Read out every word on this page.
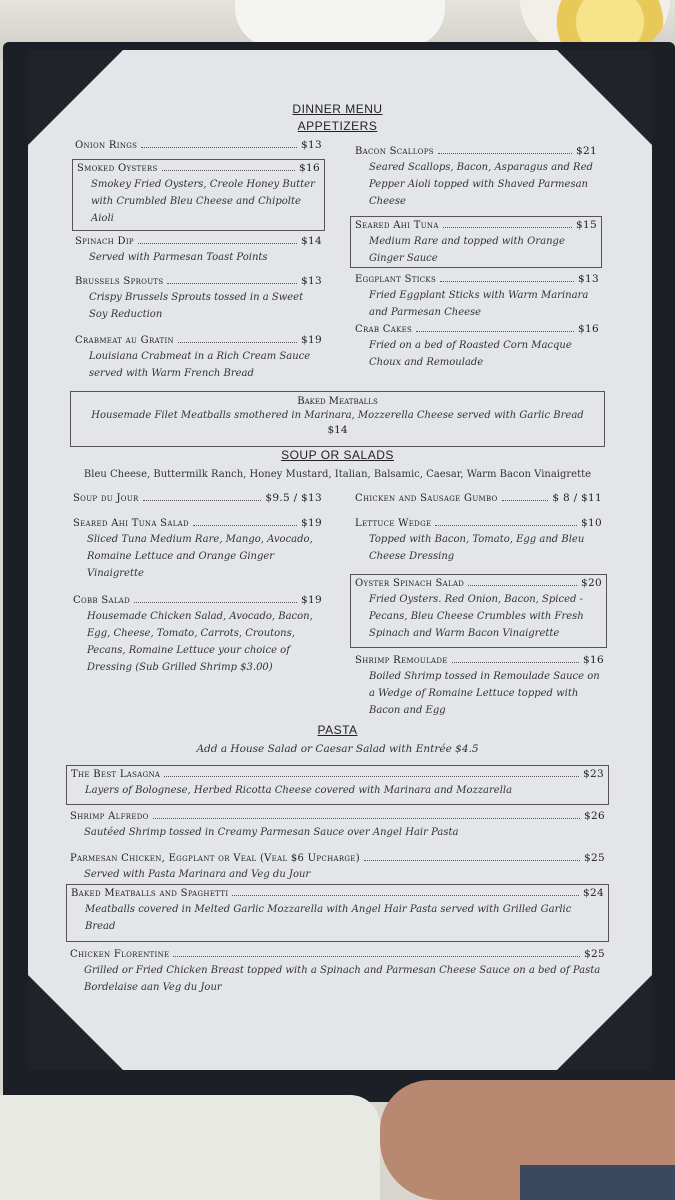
DINNER MENU
APPETIZERS
Onion Rings	$13
Smoked Oysters	$16
Smokey Fried Oysters, Creole Honey Butter with Crumbled Bleu Cheese and Chipolte Aioli
Spinach Dip	$14
Served with Parmesan Toast Points
Brussels Sprouts	$13
Crispy Brussels Sprouts tossed in a Sweet Soy Reduction
Crabmeat au Gratin	$19
Louisiana Crabmeat in a Rich Cream Sauce served with Warm French Bread
Bacon Scallops	$21
Seared Scallops, Bacon, Asparagus and Red Pepper Aioli topped with Shaved Parmesan Cheese
Seared Ahi Tuna	$15
Medium Rare and topped with Orange Ginger Sauce
Eggplant Sticks	$13
Fried Eggplant Sticks with Warm Marinara and Parmesan Cheese
Crab Cakes	$16
Fried on a bed of Roasted Corn Macque Choux and Remoulade
Baked Meatballs
Housemade Filet Meatballs smothered in Marinara, Mozzerella Cheese served with Garlic Bread
$14
SOUP OR SALADS
Bleu Cheese, Buttermilk Ranch, Honey Mustard, Italian, Balsamic, Caesar, Warm Bacon Vinaigrette
Soup du Jour	$9.5 / $13
Seared Ahi Tuna Salad	$19
Sliced Tuna Medium Rare, Mango, Avocado, Romaine Lettuce and Orange Ginger Vinaigrette
Cobb Salad	$19
Housemade Chicken Salad, Avocado, Bacon, Egg, Cheese, Tomato, Carrots, Croutons, Pecans, Romaine Lettuce your choice of Dressing (Sub Grilled Shrimp $3.00)
Chicken and Sausage Gumbo	$ 8 / $11
Lettuce Wedge	$10
Topped with Bacon, Tomato, Egg and Bleu Cheese Dressing
Oyster Spinach Salad	$20
Fried Oysters. Red Onion, Bacon, Spiced - Pecans, Bleu Cheese Crumbles with Fresh Spinach and Warm Bacon Vinaigrette
Shrimp Remoulade	$16
Boiled Shrimp tossed in Remoulade Sauce on a Wedge of Romaine Lettuce topped with Bacon and Egg
PASTA
Add a House Salad or Caesar Salad with Entrée $4.5
The Best Lasagna	$23
Layers of Bolognese, Herbed Ricotta Cheese covered with Marinara and Mozzarella
Shrimp Alfredo	$26
Sautéed Shrimp tossed in Creamy Parmesan Sauce over Angel Hair Pasta
Parmesan Chicken, Eggplant or Veal (Veal $6 Upcharge)	$25
Served with Pasta Marinara and Veg du Jour
Baked Meatballs and Spaghetti	$24
Meatballs covered in Melted Garlic Mozzarella with Angel Hair Pasta served with Grilled Garlic Bread
Chicken Florentine	$25
Grilled or Fried Chicken Breast topped with a Spinach and Parmesan Cheese Sauce on a bed of Pasta Bordelaise aan Veg du Jour
